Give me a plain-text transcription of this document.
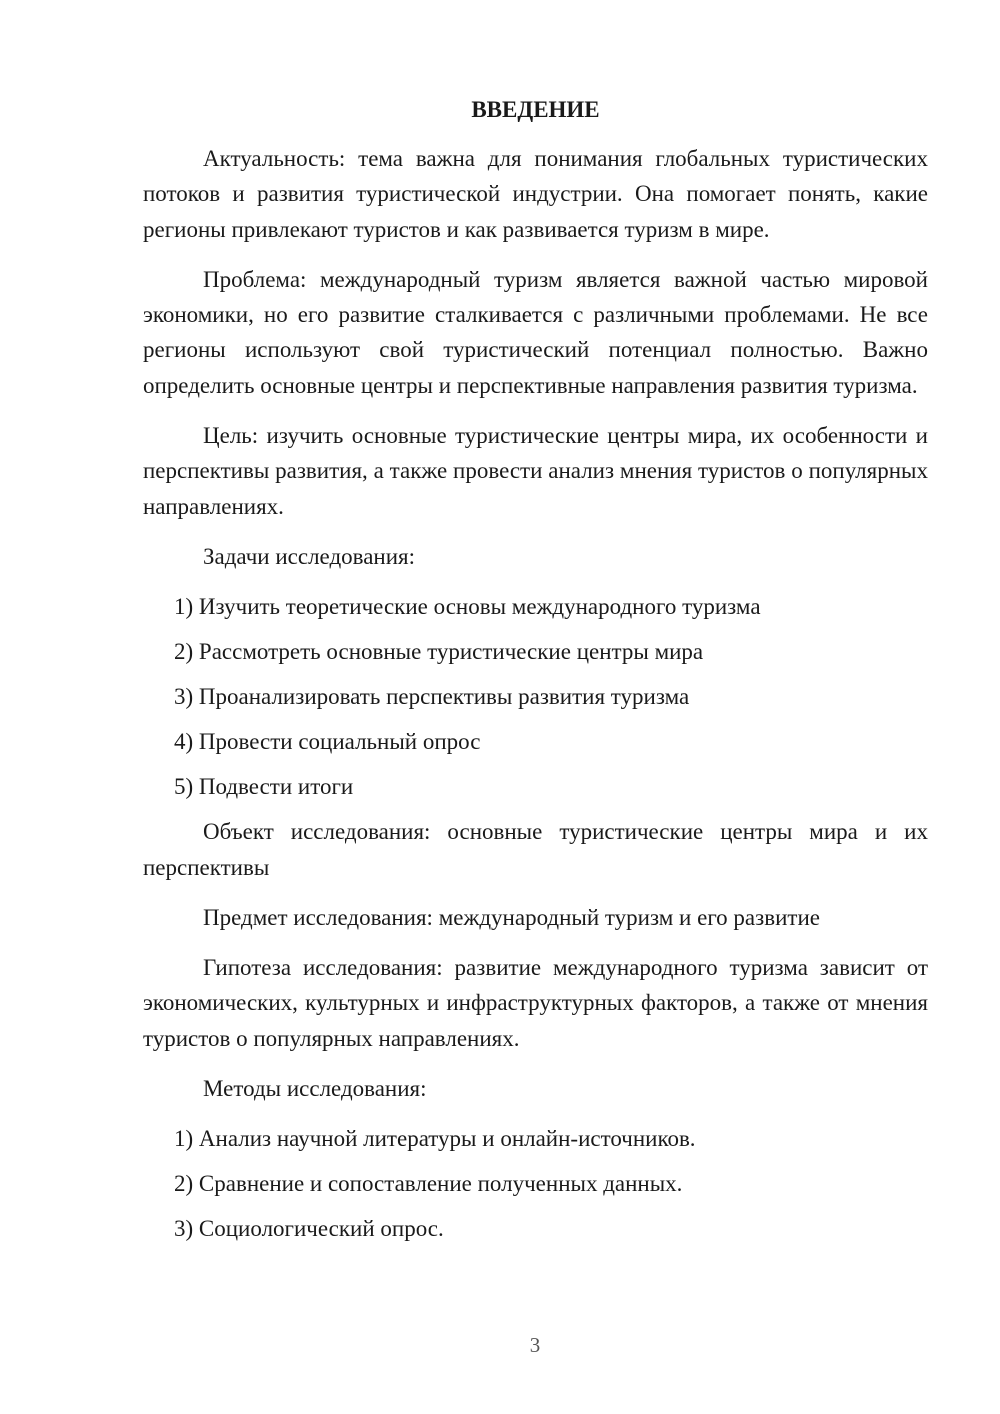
ВВЕДЕНИЕ

Актуальность: тема важна для понимания глобальных туристических потоков и развития туристической индустрии. Она помогает понять, какие регионы привлекают туристов и как развивается туризм в мире.

Проблема: международный туризм является важной частью мировой экономики, но его развитие сталкивается с различными проблемами. Не все регионы используют свой туристический потенциал полностью. Важно определить основные центры и перспективные направления развития туризма.

Цель: изучить основные туристические центры мира, их особенности и перспективы развития, а также провести анализ мнения туристов о популярных направлениях.

Задачи исследования:

1) Изучить теоретические основы международного туризма
2) Рассмотреть основные туристические центры мира
3) Проанализировать перспективы развития туризма
4) Провести социальный опрос
5) Подвести итоги

Объект исследования: основные туристические центры мира и их перспективы

Предмет исследования: международный туризм и его развитие

Гипотеза исследования: развитие международного туризма зависит от экономических, культурных и инфраструктурных факторов, а также от мнения туристов о популярных направлениях.

Методы исследования:

1) Анализ научной литературы и онлайн-источников.
2) Сравнение и сопоставление полученных данных.
3) Социологический опрос.
3
